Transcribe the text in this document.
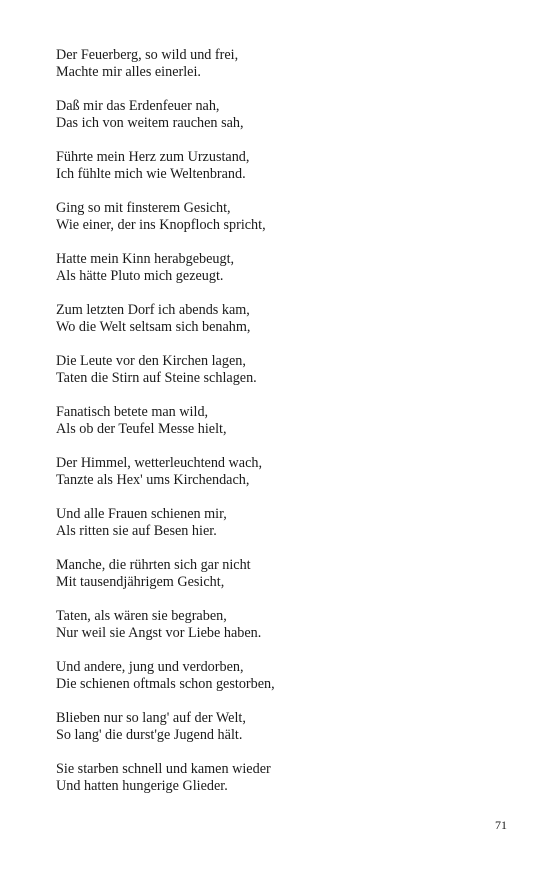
Der Feuerberg, so wild und frei,
Machte mir alles einerlei.
Daß mir das Erdenfeuer nah,
Das ich von weitem rauchen sah,
Führte mein Herz zum Urzustand,
Ich fühlte mich wie Weltenbrand.
Ging so mit finsterem Gesicht,
Wie einer, der ins Knopfloch spricht,
Hatte mein Kinn herabgebeugt,
Als hätte Pluto mich gezeugt.
Zum letzten Dorf ich abends kam,
Wo die Welt seltsam sich benahm,
Die Leute vor den Kirchen lagen,
Taten die Stirn auf Steine schlagen.
Fanatisch betete man wild,
Als ob der Teufel Messe hielt,
Der Himmel, wetterleuchtend wach,
Tanzte als Hex' ums Kirchendach,
Und alle Frauen schienen mir,
Als ritten sie auf Besen hier.
Manche, die rührten sich gar nicht
Mit tausendjährigem Gesicht,
Taten, als wären sie begraben,
Nur weil sie Angst vor Liebe haben.
Und andere, jung und verdorben,
Die schienen oftmals schon gestorben,
Blieben nur so lang' auf der Welt,
So lang' die durst'ge Jugend hält.
Sie starben schnell und kamen wieder
Und hatten hungerige Glieder.
71
